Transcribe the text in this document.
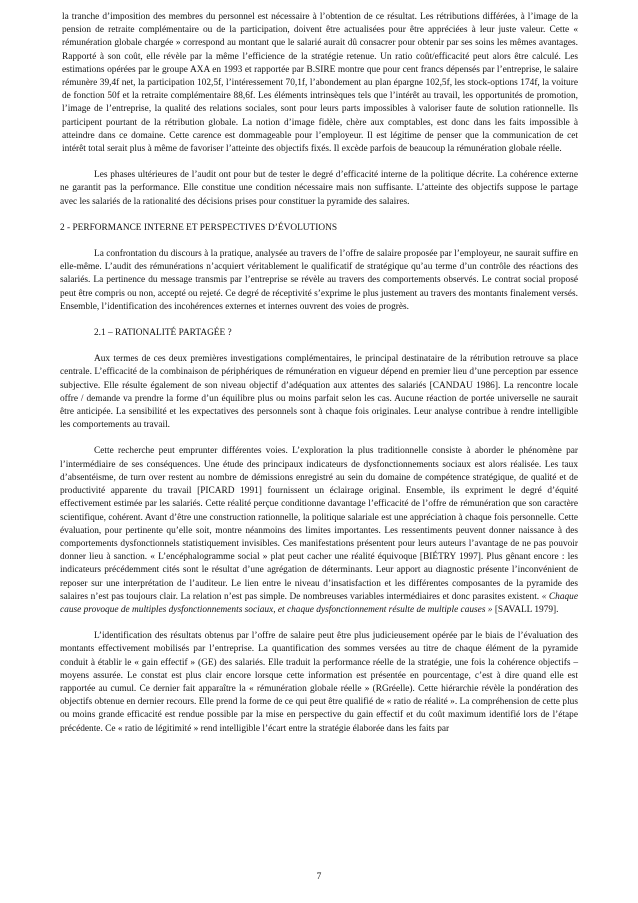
la tranche d’imposition des membres du personnel est nécessaire à l’obtention de ce résultat. Les rétributions différées, à l’image de la pension de retraite complémentaire ou de la participation, doivent être actualisées pour être appréciées à leur juste valeur. Cette « rémunération globale chargée » correspond au montant que le salarié aurait dû consacrer pour obtenir par ses soins les mêmes avantages. Rapporté à son coût, elle révèle par la même l’efficience de la stratégie retenue. Un ratio coût/efficacité peut alors être calculé. Les estimations opérées par le groupe AXA en 1993 et rapportée par B.SIRE montre que pour cent francs dépensés par l’entreprise, le salaire rémunère 39,4f net, la participation 102,5f, l’intéressement 70,1f, l’abondement au plan épargne 102,5f, les stock-options 174f, la voiture de fonction 50f et la retraite complémentaire 88,6f. Les éléments intrinsèques tels que l’intérêt au travail, les opportunités de promotion, l’image de l’entreprise, la qualité des relations sociales, sont pour leurs parts impossibles à valoriser faute de solution rationnelle. Ils participent pourtant de la rétribution globale. La notion d’image fidèle, chère aux comptables, est donc dans les faits impossible à atteindre dans ce domaine. Cette carence est dommageable pour l’employeur. Il est légitime de penser que la communication de cet intérêt total serait plus à même de favoriser l’atteinte des objectifs fixés. Il excède parfois de beaucoup la rémunération globale réelle.

Les phases ultérieures de l’audit ont pour but de tester le degré d’efficacité interne de la politique décrite. La cohérence externe ne garantit pas la performance. Elle constitue une condition nécessaire mais non suffisante. L’atteinte des objectifs suppose le partage avec les salariés de la rationalité des décisions prises pour constituer la pyramide des salaires.

2 - PERFORMANCE INTERNE ET PERSPECTIVES D’ÉVOLUTIONS

La confrontation du discours à la pratique, analysée au travers de l’offre de salaire proposée par l’employeur, ne saurait suffire en elle-même. L’audit des rémunérations n’acquiert véritablement le qualificatif de stratégique qu’au terme d’un contrôle des réactions des salariés. La pertinence du message transmis par l’entreprise se révèle au travers des comportements observés. Le contrat social proposé peut être compris ou non, accepté ou rejeté. Ce degré de réceptivité s’exprime le plus justement au travers des montants finalement versés. Ensemble, l’identification des incohérences externes et internes ouvrent des voies de progrès.

2.1 – RATIONALITÉ PARTAGÉE ?

Aux termes de ces deux premières investigations complémentaires, le principal destinataire de la rétribution retrouve sa place centrale. L’efficacité de la combinaison de périphériques de rémunération en vigueur dépend en premier lieu d’une perception par essence subjective. Elle résulte également de son niveau objectif d’adéquation aux attentes des salariés [CANDAU 1986]. La rencontre locale offre / demande va prendre la forme d’un équilibre plus ou moins parfait selon les cas. Aucune réaction de portée universelle ne saurait être anticipée. La sensibilité et les expectatives des personnels sont à chaque fois originales. Leur analyse contribue à rendre intelligible les comportements au travail.

Cette recherche peut emprunter différentes voies. L’exploration la plus traditionnelle consiste à aborder le phénomène par l’intermédiaire de ses conséquences. Une étude des principaux indicateurs de dysfonctionnements sociaux est alors réalisée. Les taux d’absentéisme, de turn over restent au nombre de démissions enregistré au sein du domaine de compétence stratégique, de qualité et de productivité apparente du travail [PICARD 1991] fournissent un éclairage original. Ensemble, ils expriment le degré d’équité effectivement estimée par les salariés. Cette réalité perçue conditionne davantage l’efficacité de l’offre de rémunération que son caractère scientifique, cohérent. Avant d’être une construction rationnelle, la politique salariale est une appréciation à chaque fois personnelle. Cette évaluation, pour pertinente qu’elle soit, montre néanmoins des limites importantes. Les ressentiments peuvent donner naissance à des comportements dysfonctionnels statistiquement invisibles. Ces manifestations présentent pour leurs auteurs l’avantage de ne pas pouvoir donner lieu à sanction. « L’encéphalogramme social » plat peut cacher une réalité équivoque [BIÉTRY 1997]. Plus gênant encore : les indicateurs précédemment cités sont le résultat d’une agrégation de déterminants. Leur apport au diagnostic présente l’inconvénient de reposer sur une interprétation de l’auditeur. Le lien entre le niveau d’insatisfaction et les différentes composantes de la pyramide des salaires n’est pas toujours clair. La relation n’est pas simple. De nombreuses variables intermédiaires et donc parasites existent. « Chaque cause provoque de multiples dysfonctionnements sociaux, et chaque dysfonctionnement résulte de multiple causes » [SAVALL 1979].

L’identification des résultats obtenus par l’offre de salaire peut être plus judicieusement opérée par le biais de l’évaluation des montants effectivement mobilisés par l’entreprise. La quantification des sommes versées au titre de chaque élément de la pyramide conduit à établir le « gain effectif » (GE) des salariés. Elle traduit la performance réelle de la stratégie, une fois la cohérence objectifs – moyens assurée. Le constat est plus clair encore lorsque cette information est présentée en pourcentage, c’est à dire quand elle est rapportée au cumul. Ce dernier fait apparaître la « rémunération globale réelle » (RGréelle). Cette hiérarchie révèle la pondération des objectifs obtenue en dernier recours. Elle prend la forme de ce qui peut être qualifié de « ratio de réalité ». La compréhension de cette plus ou moins grande efficacité est rendue possible par la mise en perspective du gain effectif et du coût maximum identifié lors de l’étape précédente. Ce « ratio de légitimité » rend intelligible l’écart entre la stratégie élaborée dans les faits par

7
